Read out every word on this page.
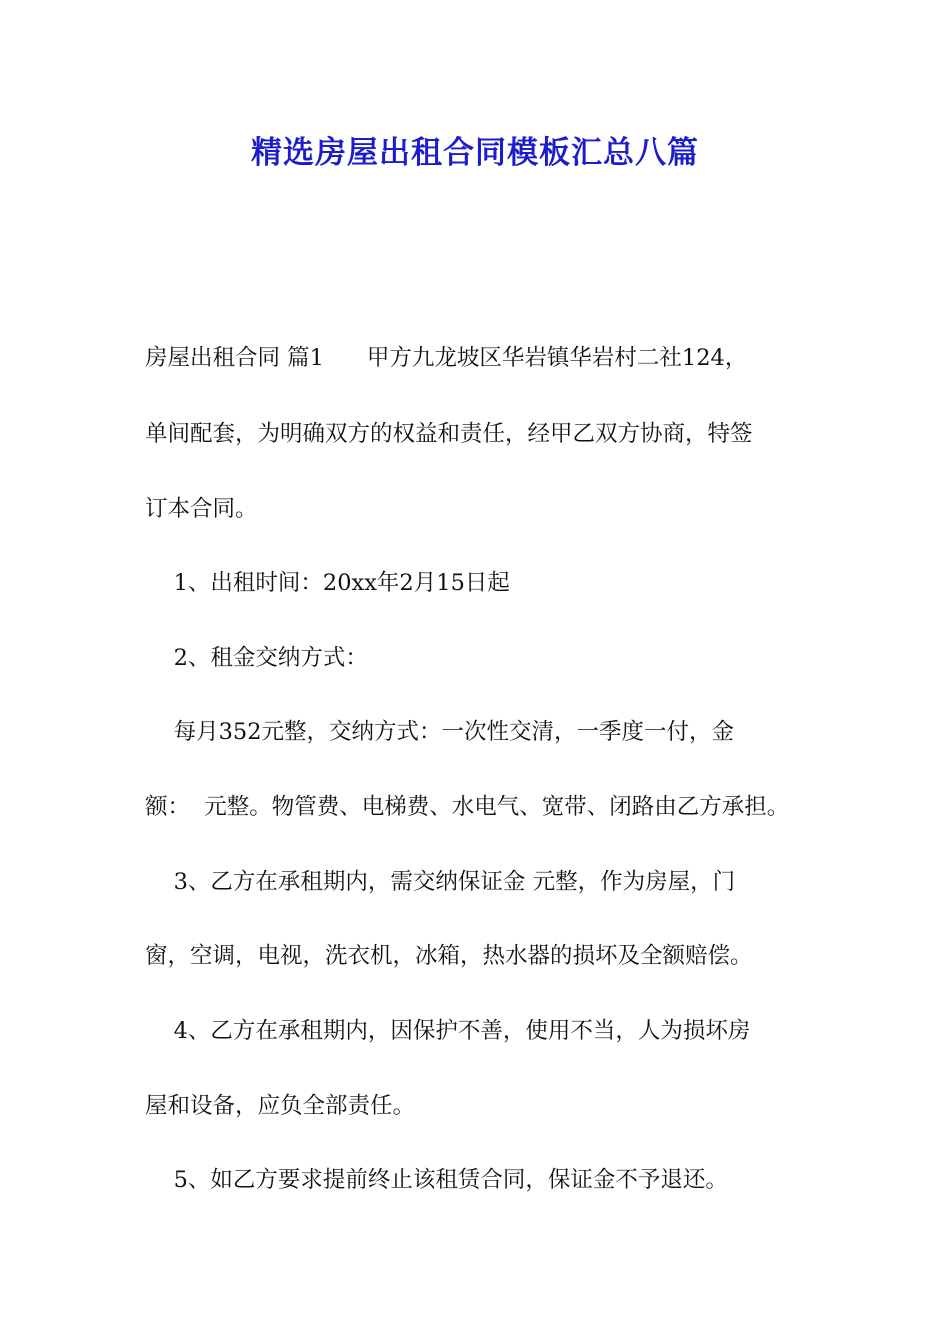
精选房屋出租合同模板汇总八篇
房屋出租合同 篇1      甲方九龙坡区华岩镇华岩村二社124，
单间配套，为明确双方的权益和责任，经甲乙双方协商，特签
订本合同。
1、出租时间：20xx年2月15日起
2、租金交纳方式：
每月352元整，交纳方式：一次性交清，一季度一付，金
额：  元整。物管费、电梯费、水电气、宽带、闭路由乙方承担。
3、乙方在承租期内，需交纳保证金 元整，作为房屋，门
窗，空调，电视，洗衣机，冰箱，热水器的损坏及全额赔偿。
4、乙方在承租期内，因保护不善，使用不当，人为损坏房
屋和设备，应负全部责任。
5、如乙方要求提前终止该租赁合同，保证金不予退还。
